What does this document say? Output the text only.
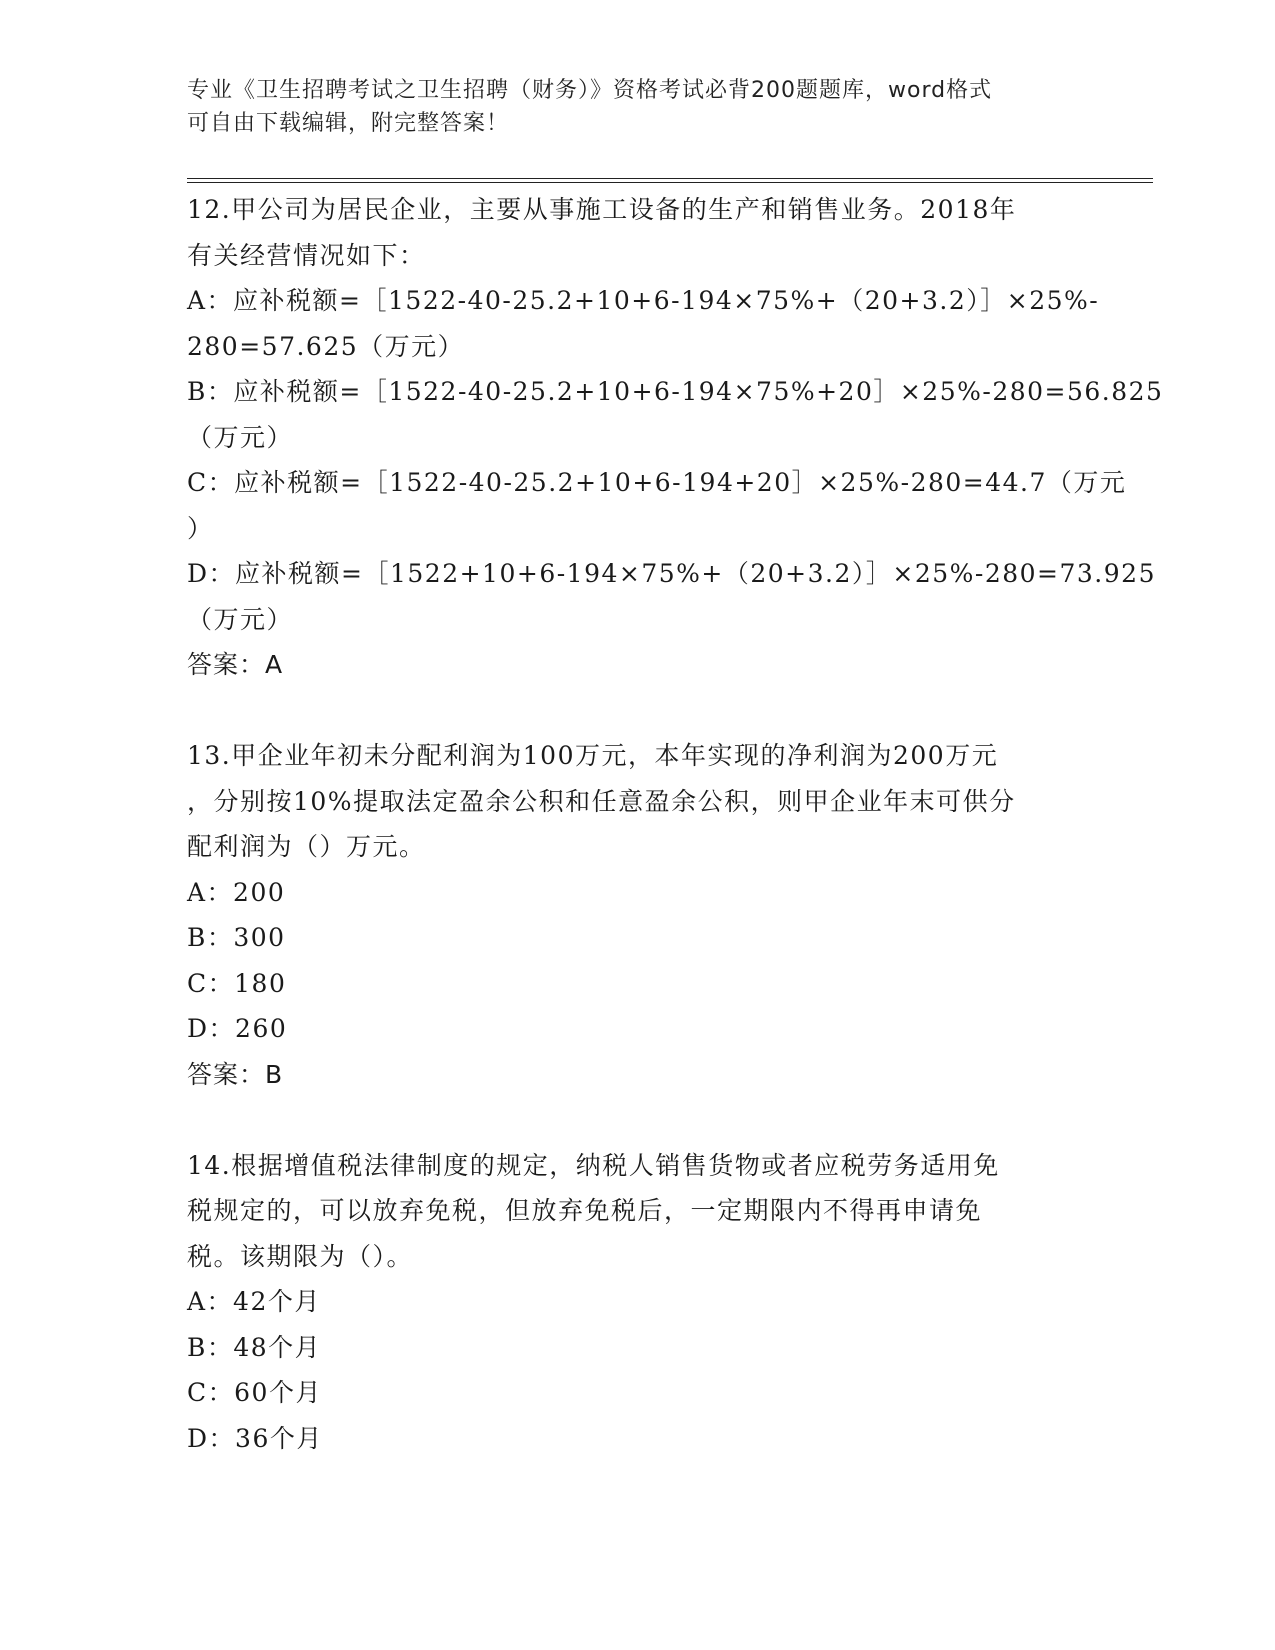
专业《卫生招聘考试之卫生招聘（财务）》资格考试必背200题题库，word格式
可自由下载编辑，附完整答案！
12.甲公司为居民企业，主要从事施工设备的生产和销售业务。2018年
有关经营情况如下：
A：应补税额=［1522-40-25.2+10+6-194×75%+（20+3.2）］×25%-
280=57.625（万元）
B：应补税额=［1522-40-25.2+10+6-194×75%+20］×25%-280=56.825
（万元）
C：应补税额=［1522-40-25.2+10+6-194+20］×25%-280=44.7（万元
）
D：应补税额=［1522+10+6-194×75%+（20+3.2）］×25%-280=73.925
（万元）
答案：A
13.甲企业年初未分配利润为100万元，本年实现的净利润为200万元
，分别按10%提取法定盈余公积和任意盈余公积，则甲企业年末可供分
配利润为（）万元。
A：200
B：300
C：180
D：260
答案：B
14.根据增值税法律制度的规定，纳税人销售货物或者应税劳务适用免
税规定的，可以放弃免税，但放弃免税后，一定期限内不得再申请免
税。该期限为（）。
A：42个月
B：48个月
C：60个月
D：36个月
